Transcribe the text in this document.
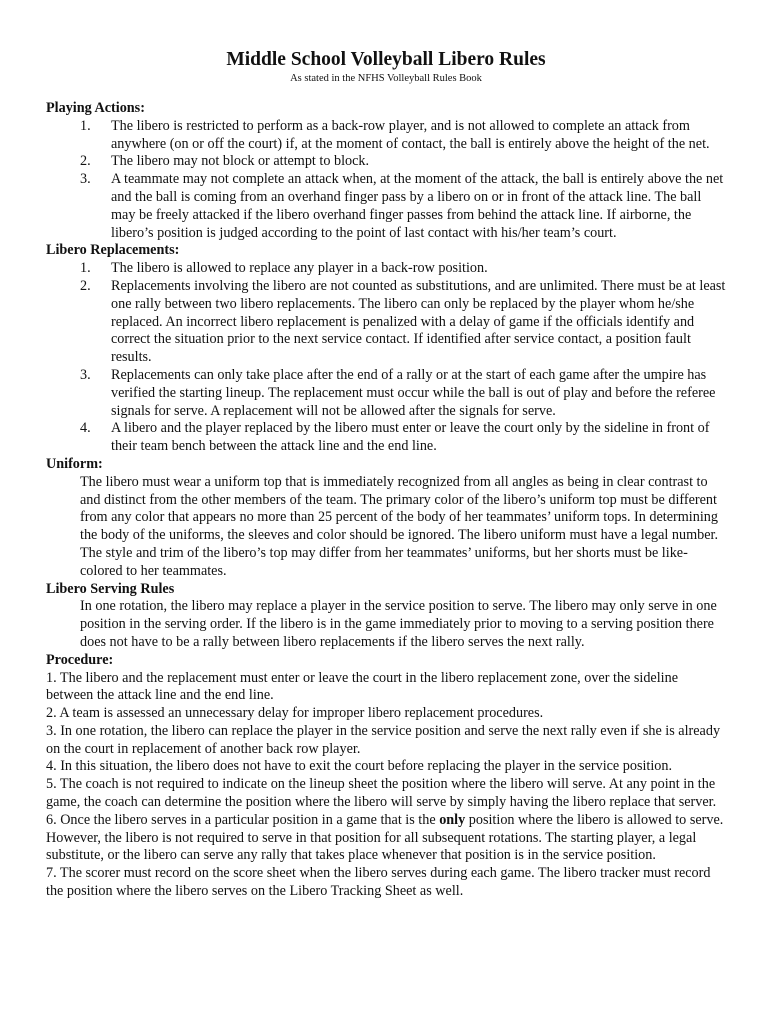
Middle School Volleyball Libero Rules

As stated in the NFHS Volleyball Rules Book

Playing Actions:

1. The libero is restricted to perform as a back-row player, and is not allowed to complete an attack from anywhere (on or off the court) if, at the moment of contact, the ball is entirely above the height of the net.
2. The libero may not block or attempt to block.
3. A teammate may not complete an attack when, at the moment of the attack, the ball is entirely above the net and the ball is coming from an overhand finger pass by a libero on or in front of the attack line. The ball may be freely attacked if the libero overhand finger passes from behind the attack line. If airborne, the libero’s position is judged according to the point of last contact with his/her team’s court.

Libero Replacements:

1. The libero is allowed to replace any player in a back-row position.
2. Replacements involving the libero are not counted as substitutions, and are unlimited. There must be at least one rally between two libero replacements. The libero can only be replaced by the player whom he/she replaced. An incorrect libero replacement is penalized with a delay of game if the officials identify and correct the situation prior to the next service contact. If identified after service contact, a position fault results.
3. Replacements can only take place after the end of a rally or at the start of each game after the umpire has verified the starting lineup. The replacement must occur while the ball is out of play and before the referee signals for serve. A replacement will not be allowed after the signals for serve.
4. A libero and the player replaced by the libero must enter or leave the court only by the sideline in front of their team bench between the attack line and the end line.

Uniform:

The libero must wear a uniform top that is immediately recognized from all angles as being in clear contrast to and distinct from the other members of the team. The primary color of the libero’s uniform top must be different from any color that appears no more than 25 percent of the body of her teammates’ uniform tops. In determining the body of the uniforms, the sleeves and color should be ignored. The libero uniform must have a legal number. The style and trim of the libero’s top may differ from her teammates’ uniforms, but her shorts must be like-colored to her teammates.

Libero Serving Rules

In one rotation, the libero may replace a player in the service position to serve. The libero may only serve in one position in the serving order. If the libero is in the game immediately prior to moving to a serving position there does not have to be a rally between libero replacements if the libero serves the next rally.

Procedure:

1. The libero and the replacement must enter or leave the court in the libero replacement zone, over the sideline between the attack line and the end line.

2. A team is assessed an unnecessary delay for improper libero replacement procedures.

3. In one rotation, the libero can replace the player in the service position and serve the next rally even if she is already on the court in replacement of another back row player.

4. In this situation, the libero does not have to exit the court before replacing the player in the service position.

5. The coach is not required to indicate on the lineup sheet the position where the libero will serve. At any point in the game, the coach can determine the position where the libero will serve by simply having the libero replace that server.

6. Once the libero serves in a particular position in a game that is the only position where the libero is allowed to serve. However, the libero is not required to serve in that position for all subsequent rotations. The starting player, a legal substitute, or the libero can serve any rally that takes place whenever that position is in the service position.

7. The scorer must record on the score sheet when the libero serves during each game. The libero tracker must record the position where the libero serves on the Libero Tracking Sheet as well.
